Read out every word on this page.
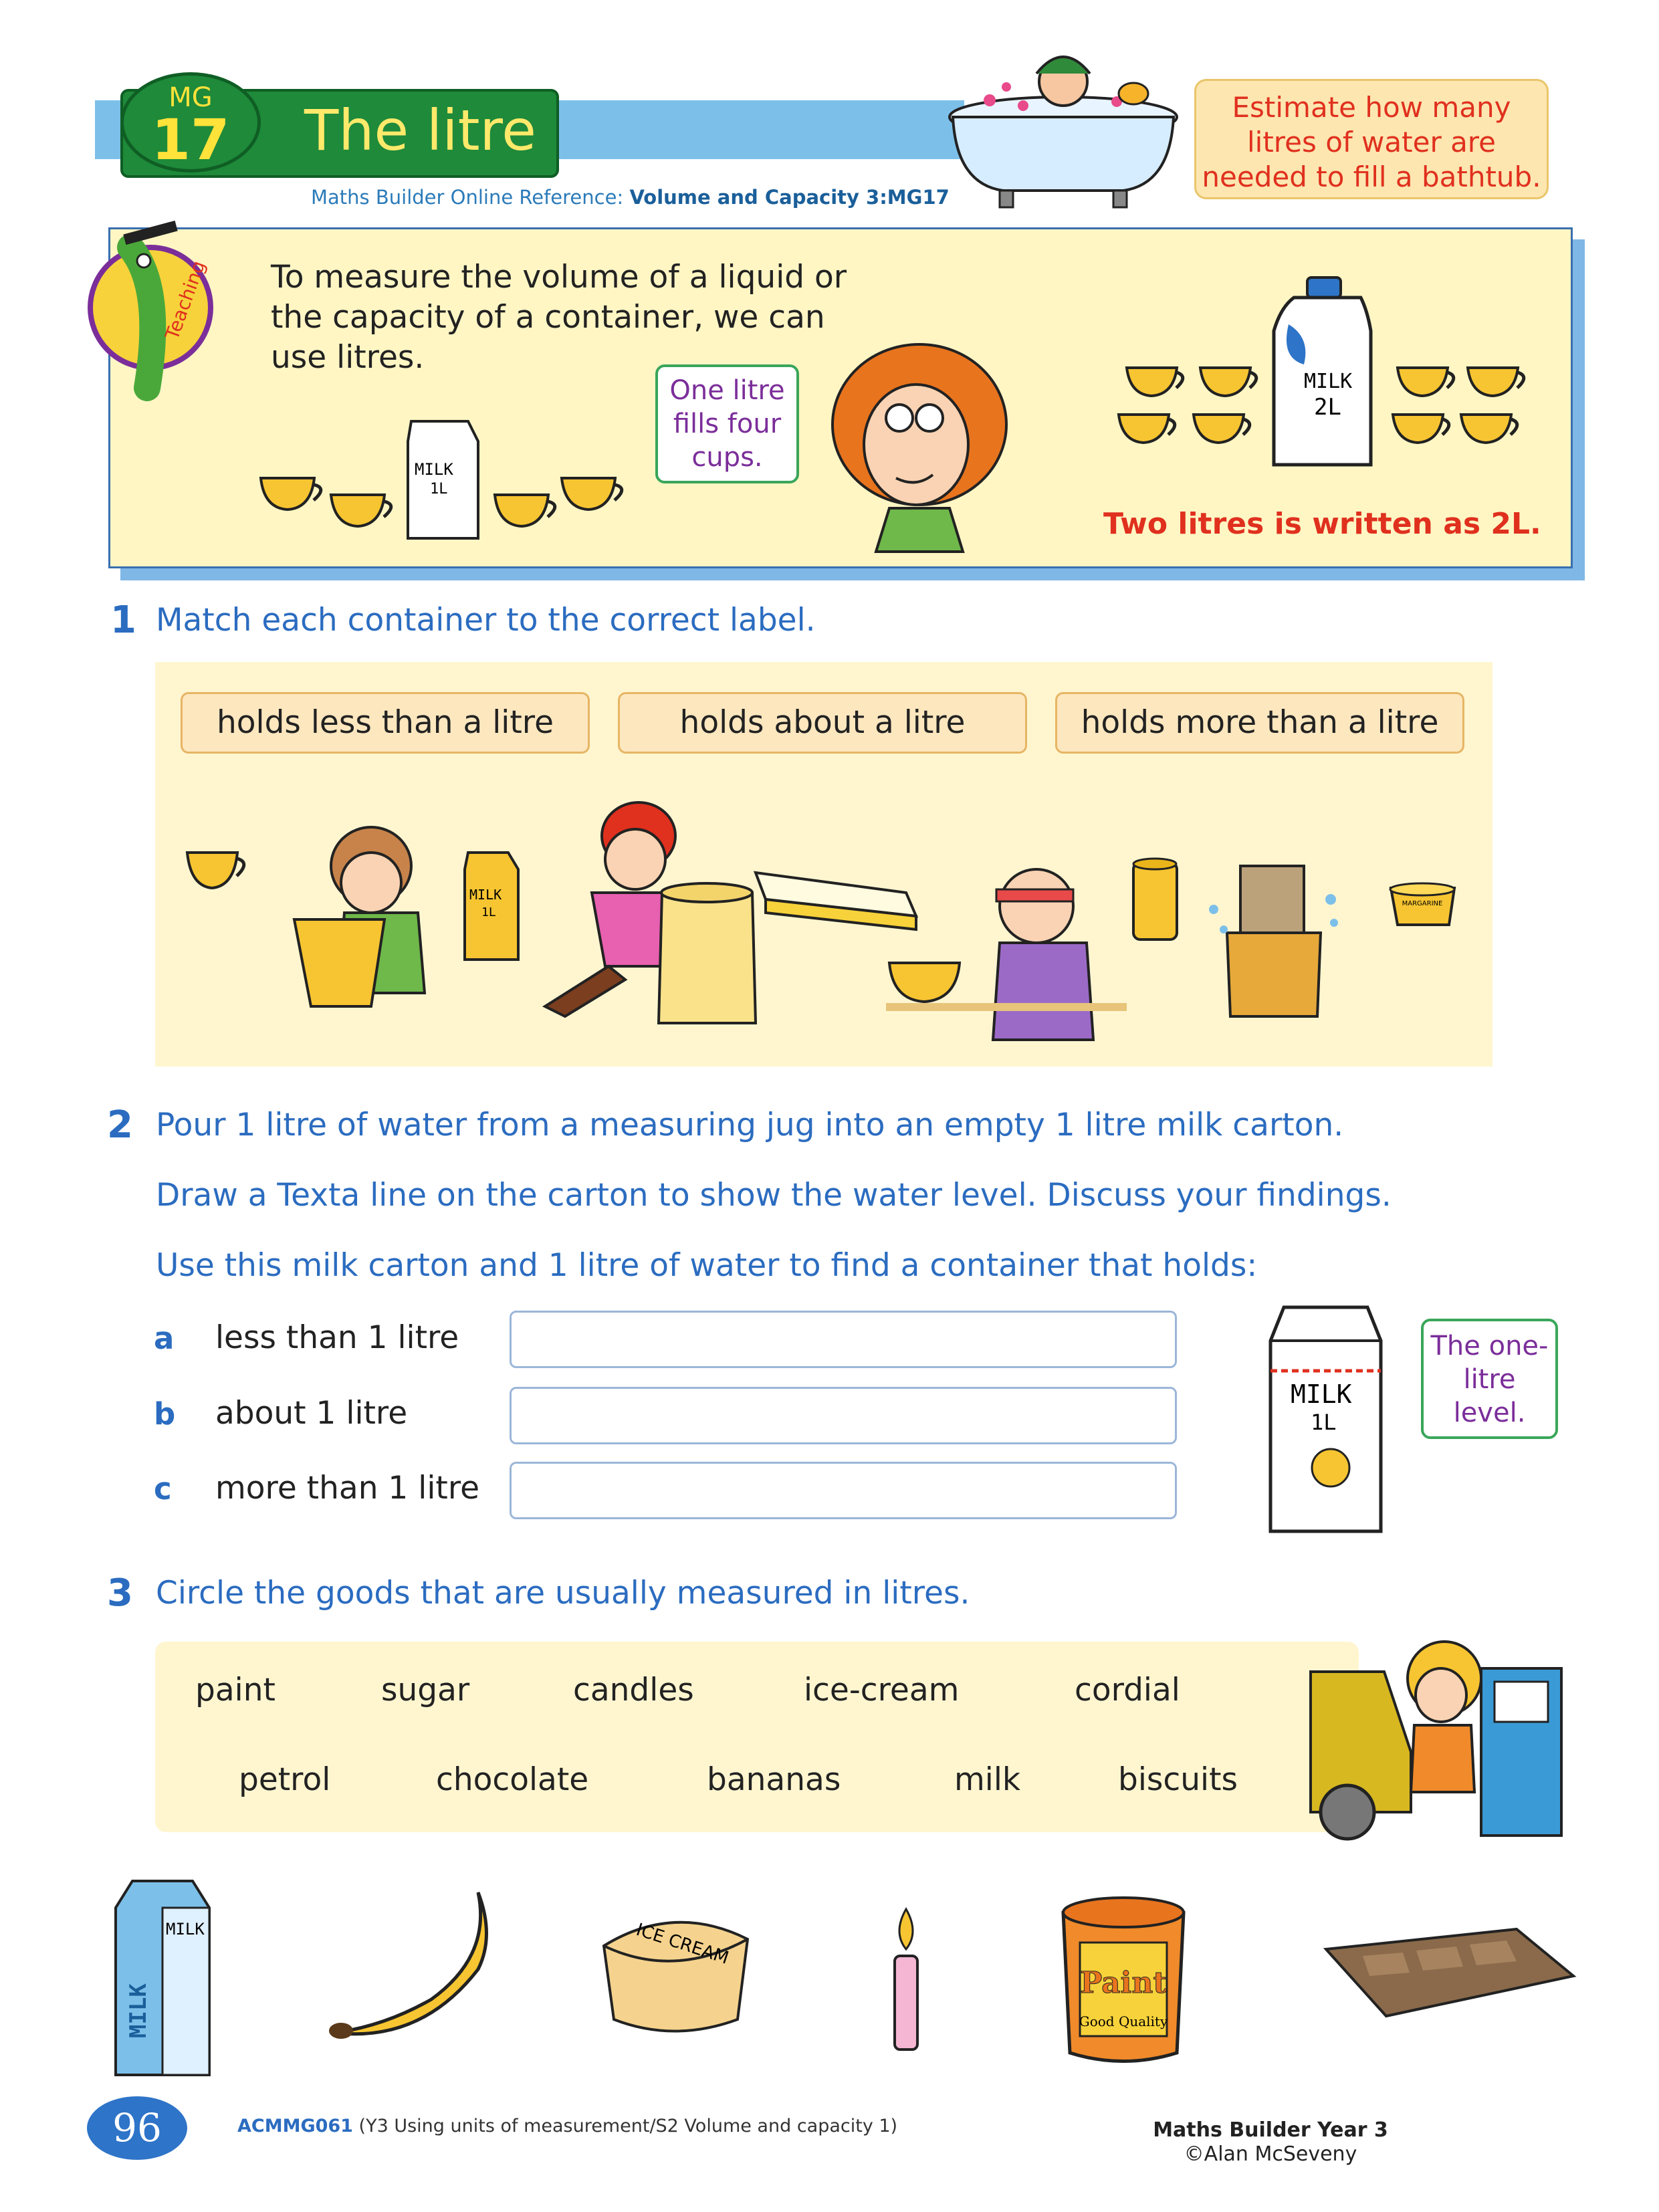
MG
17	The litre
Maths Builder Online Reference: Volume and Capacity 3:MG17
Estimate how many litres of water are needed to fill a bathtub.
Teaching To measure the volume of a liquid or the capacity of a container, we can use litres.
MILK
1L
One litre fills four cups.
MILK
2L
Two litres is written as 2L.
1 Match each container to the correct label.
holds less than a litre	holds about a litre	holds more than a litre
MILK
1L
MARGARINE
2 Pour 1 litre of water from a measuring jug into an empty 1 litre milk carton.
Draw a Texta line on the carton to show the water level. Discuss your findings.
Use this milk carton and 1 litre of water to find a container that holds:
a less than 1 litre
b about 1 litre
c more than 1 litre
MILK
1L
The one-litre level.
3 Circle the goods that are usually measured in litres.
paint	sugar	candles	ice-cream	cordial
petrol	chocolate	bananas	milk	biscuits
MILK
MILK
ICE CREAM
Paint
Good Quality
96	ACMMG061 (Y3 Using units of measurement/S2 Volume and capacity 1)	Maths Builder Year 3
©Alan McSeveny
